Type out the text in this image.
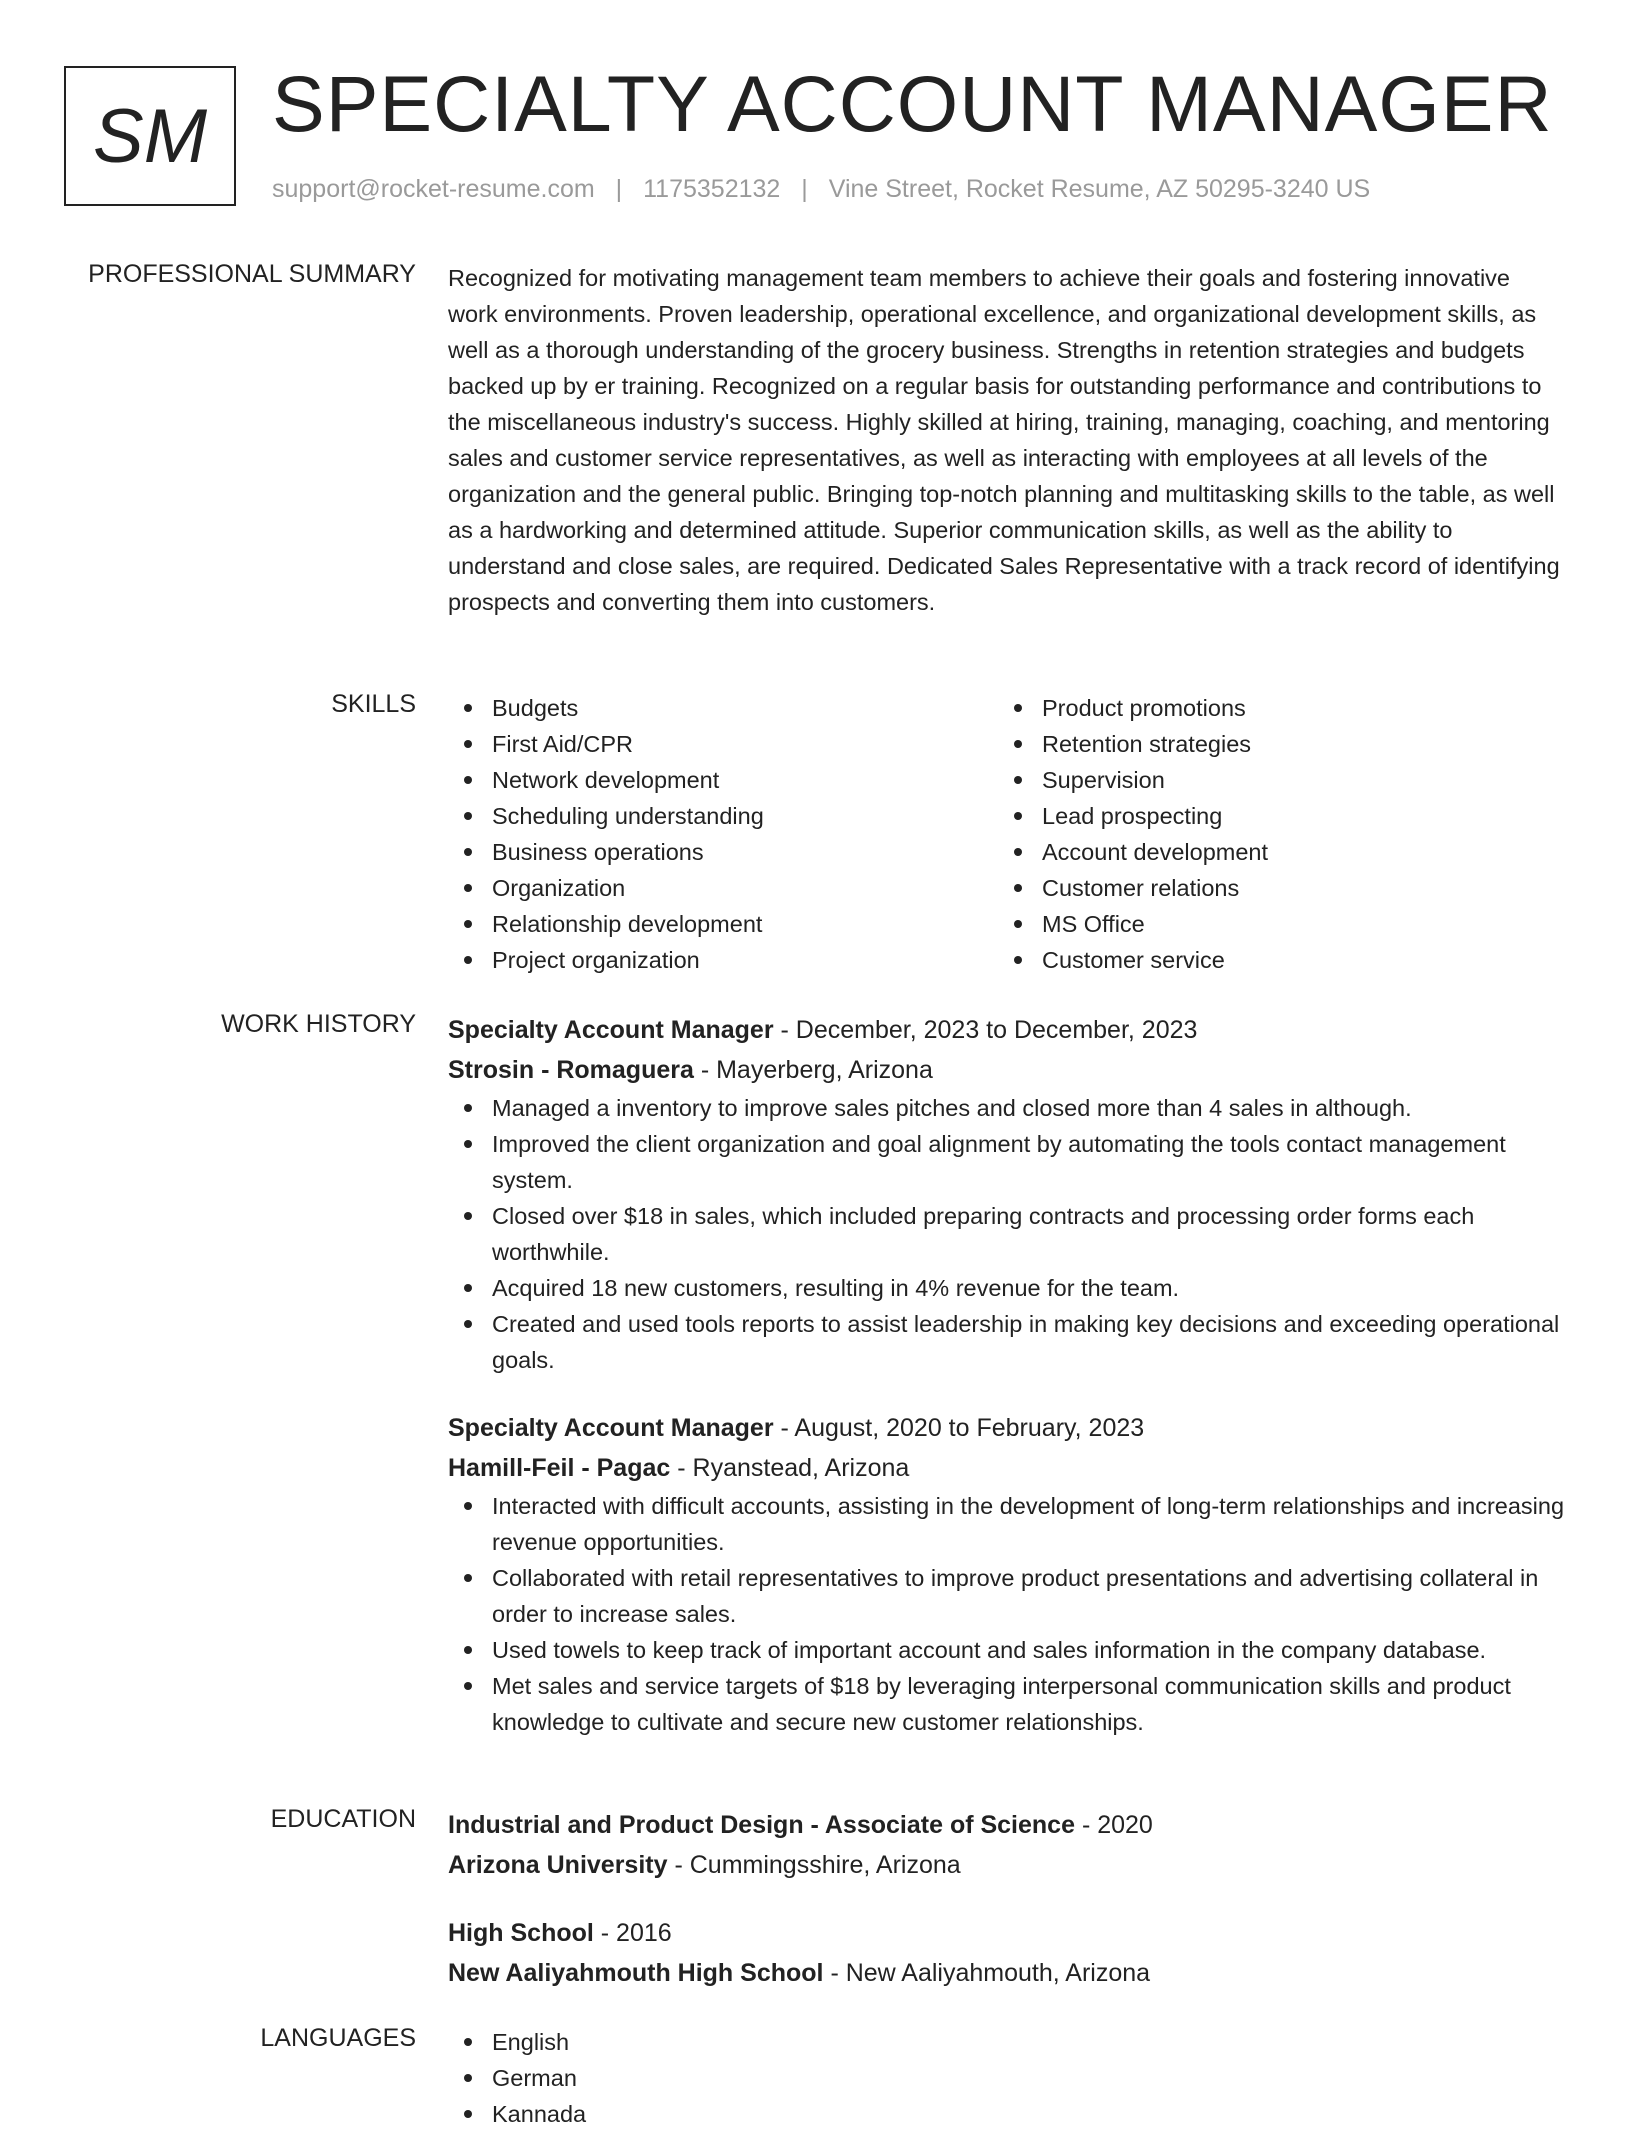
SM SPECIALTY ACCOUNT MANAGER
support@rocket-resume.com | 1175352132 | Vine Street, Rocket Resume, AZ 50295-3240 US
PROFESSIONAL SUMMARY Recognized for motivating management team members to achieve their goals and fostering innovative work environments. Proven leadership, operational excellence, and organizational development skills, as well as a thorough understanding of the grocery business. Strengths in retention strategies and budgets backed up by er training. Recognized on a regular basis for outstanding performance and contributions to the miscellaneous industry's success. Highly skilled at hiring, training, managing, coaching, and mentoring sales and customer service representatives, as well as interacting with employees at all levels of the organization and the general public. Bringing top-notch planning and multitasking skills to the table, as well as a hardworking and determined attitude. Superior communication skills, as well as the ability to understand and close sales, are required. Dedicated Sales Representative with a track record of identifying prospects and converting them into customers.

SKILLS	Budgets
First Aid/CPR
Network development
Scheduling understanding
Business operations
Organization
Relationship development
Project organization
Product promotions
Retention strategies
Supervision
Lead prospecting
Account development
Customer relations
MS Office
Customer service
WORK HISTORY Specialty Account Manager - December, 2023 to December, 2023
Strosin - Romaguera - Mayerberg, Arizona
Managed a inventory to improve sales pitches and closed more than 4 sales in although.
Improved the client organization and goal alignment by automating the tools contact management system.
Closed over $18 in sales, which included preparing contracts and processing order forms each worthwhile.
Acquired 18 new customers, resulting in 4% revenue for the team.
Created and used tools reports to assist leadership in making key decisions and exceeding operational goals.
Specialty Account Manager - August, 2020 to February, 2023
Hamill-Feil - Pagac - Ryanstead, Arizona
Interacted with difficult accounts, assisting in the development of long-term relationships and increasing revenue opportunities.
Collaborated with retail representatives to improve product presentations and advertising collateral in order to increase sales.
Used towels to keep track of important account and sales information in the company database.
Met sales and service targets of $18 by leveraging interpersonal communication skills and product knowledge to cultivate and secure new customer relationships.
EDUCATION Industrial and Product Design - Associate of Science - 2020
Arizona University - Cummingsshire, Arizona
High School - 2016
New Aaliyahmouth High School - New Aaliyahmouth, Arizona
LANGUAGES	English
German
Kannada
